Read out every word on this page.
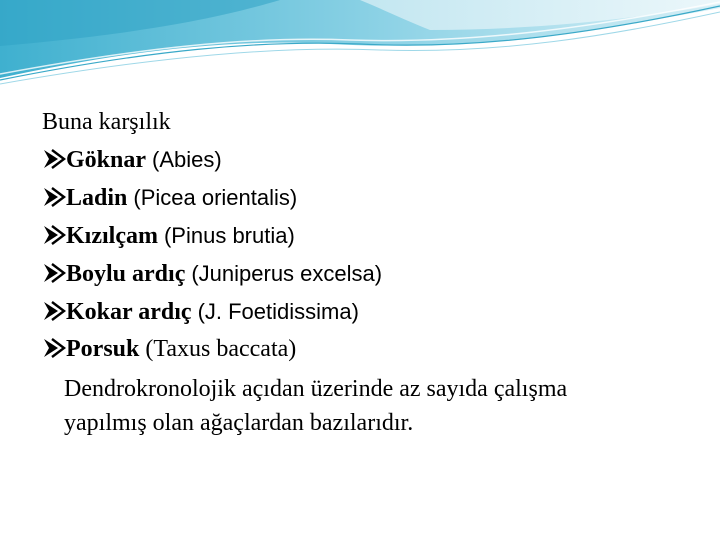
Buna karşılık
Göknar
(Abies)
Ladin
(Picea orientalis)
Kızılçam
(Pinus brutia)
Boylu ardıç
(Juniperus excelsa)
Kokar ardıç
(J. Foetidissima)
Porsuk
(Taxus baccata)
Dendrokronolojik açıdan üzerinde az sayıda çalışma
yapılmış olan ağaçlardan bazılarıdır.
